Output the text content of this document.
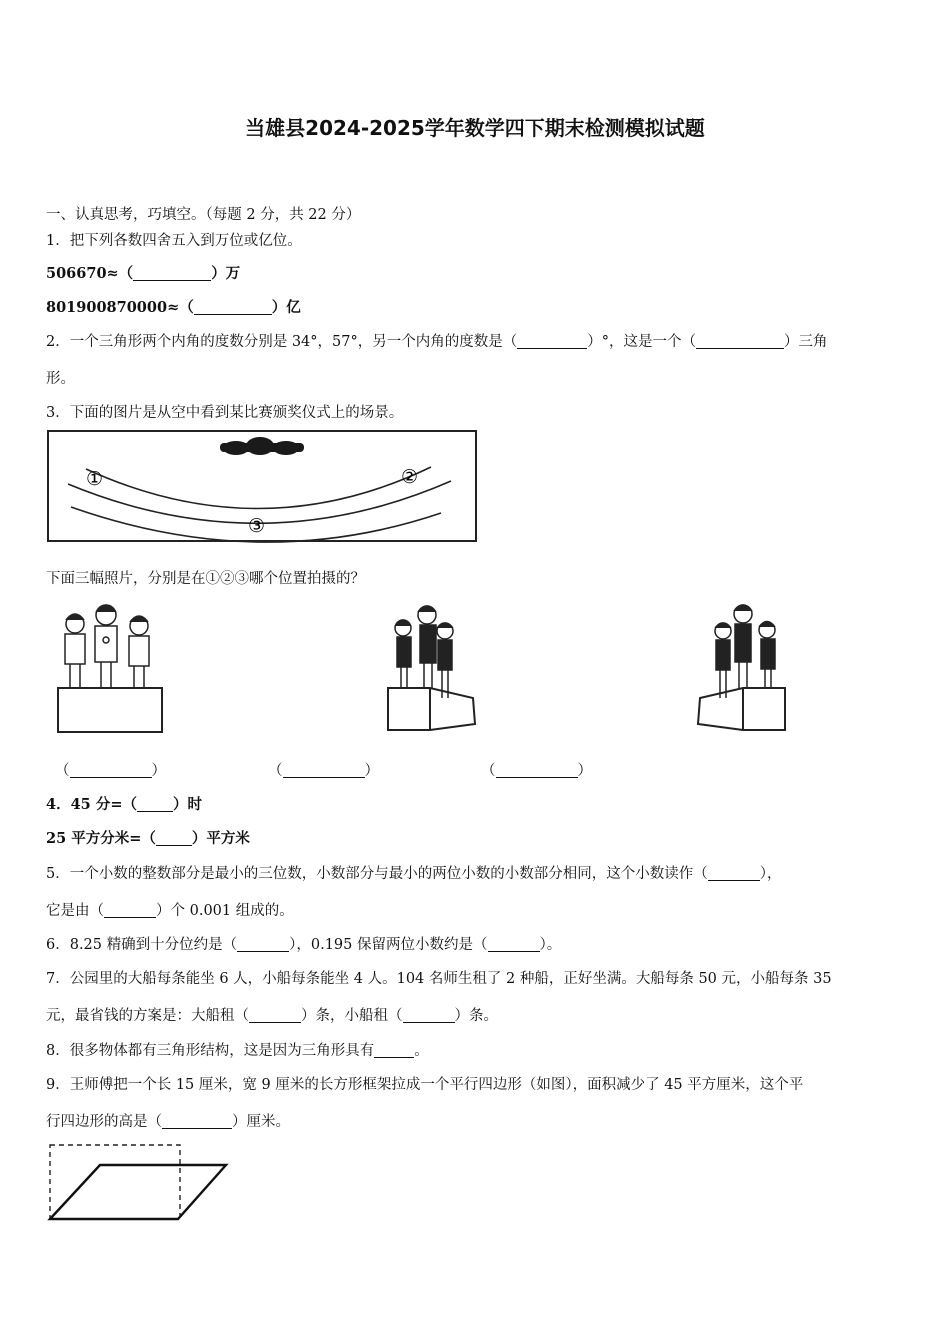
当雄县2024-2025学年数学四下期末检测模拟试题
一、认真思考，巧填空。（每题 2 分，共 22 分）
1．把下列各数四舍五入到万位或亿位。
506670≈（	）万
801900870000≈（	）亿
2．一个三角形两个内角的度数分别是 34°，57°，另一个内角的度数是（	）°，这是一个（	）三角
形。
3．下面的图片是从空中看到某比赛颁奖仪式上的场景。
①	②
③
下面三幅照片，分别是在①②③哪个位置拍摄的？
（	）	（	）	（	）
4．45 分=（ ）时
25 平方分米=（ ）平方米
5．一个小数的整数部分是最小的三位数，小数部分与最小的两位小数的小数部分相同，这个小数读作（	），
它是由（	）个 0.001 组成的。
6．8.25 精确到十分位约是（	），0.195 保留两位小数约是（	）。
7．公园里的大船每条能坐 6 人，小船每条能坐 4 人。104 名师生租了 2 种船，正好坐满。大船每条 50 元，小船每条 35
元，最省钱的方案是：大船租（	）条，小船租（	）条。
8．很多物体都有三角形结构，这是因为三角形具有	。
9．王师傅把一个长 15 厘米，宽 9 厘米的长方形框架拉成一个平行四边形（如图），面积减少了 45 平方厘米，这个平
行四边形的高是（	）厘米。
